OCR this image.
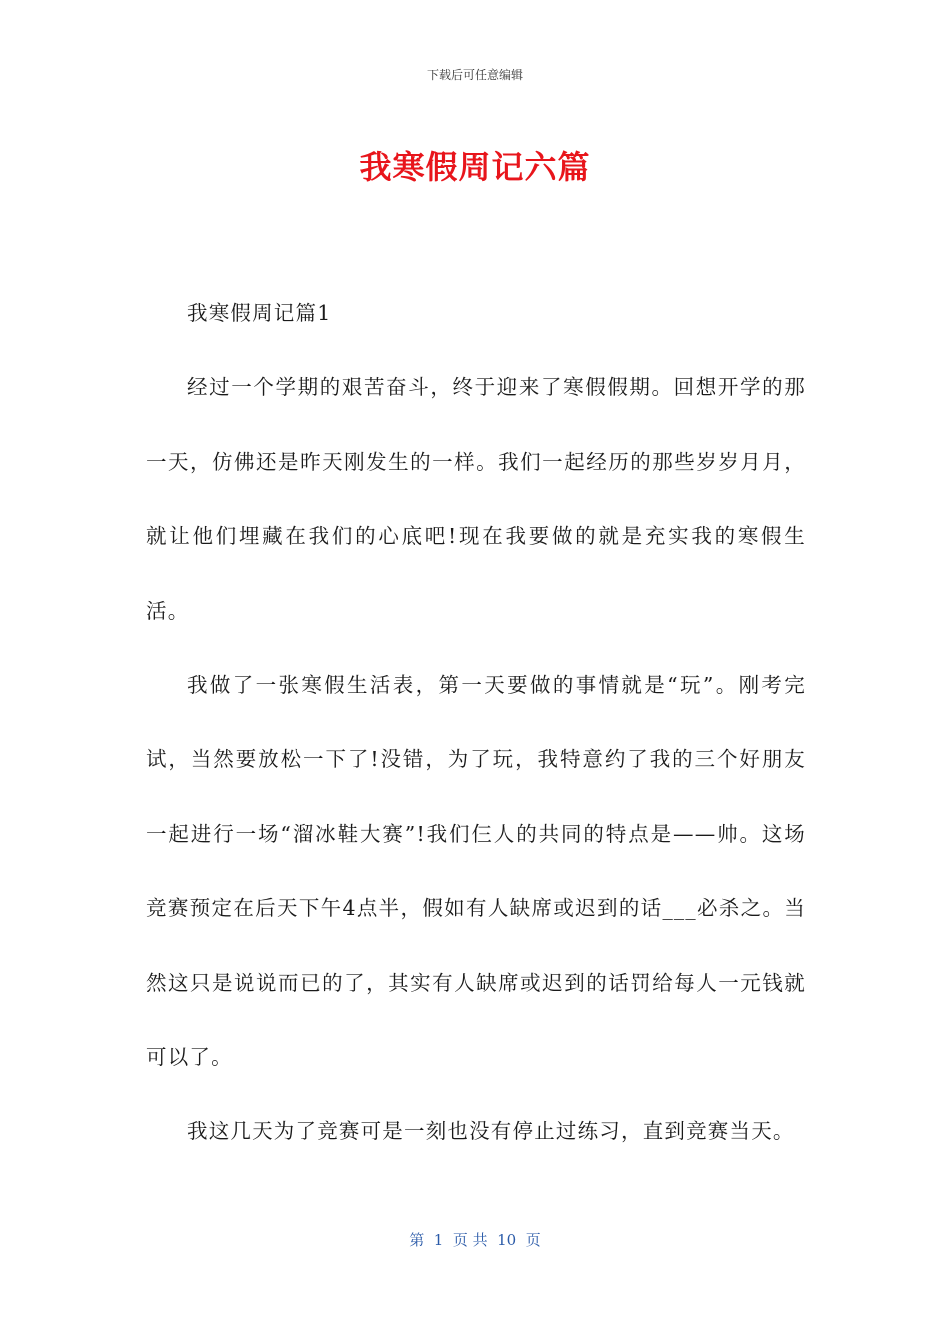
下载后可任意编辑
我寒假周记六篇

我寒假周记篇1

经过一个学期的艰苦奋斗，终于迎来了寒假假期。回想开学的那一天，仿佛还是昨天刚发生的一样。我们一起经历的那些岁岁月月，就让他们埋藏在我们的心底吧!现在我要做的就是充实我的寒假生活。

我做了一张寒假生活表，第一天要做的事情就是“玩”。刚考完试，当然要放松一下了!没错，为了玩，我特意约了我的三个好朋友一起进行一场“溜冰鞋大赛”!我们仨人的共同的特点是——帅。这场竞赛预定在后天下午4点半，假如有人缺席或迟到的话___必杀之。当然这只是说说而已的了，其实有人缺席或迟到的话罚给每人一元钱就可以了。

我这几天为了竞赛可是一刻也没有停止过练习，直到竞赛当天。

第  1  页 共  10  页
